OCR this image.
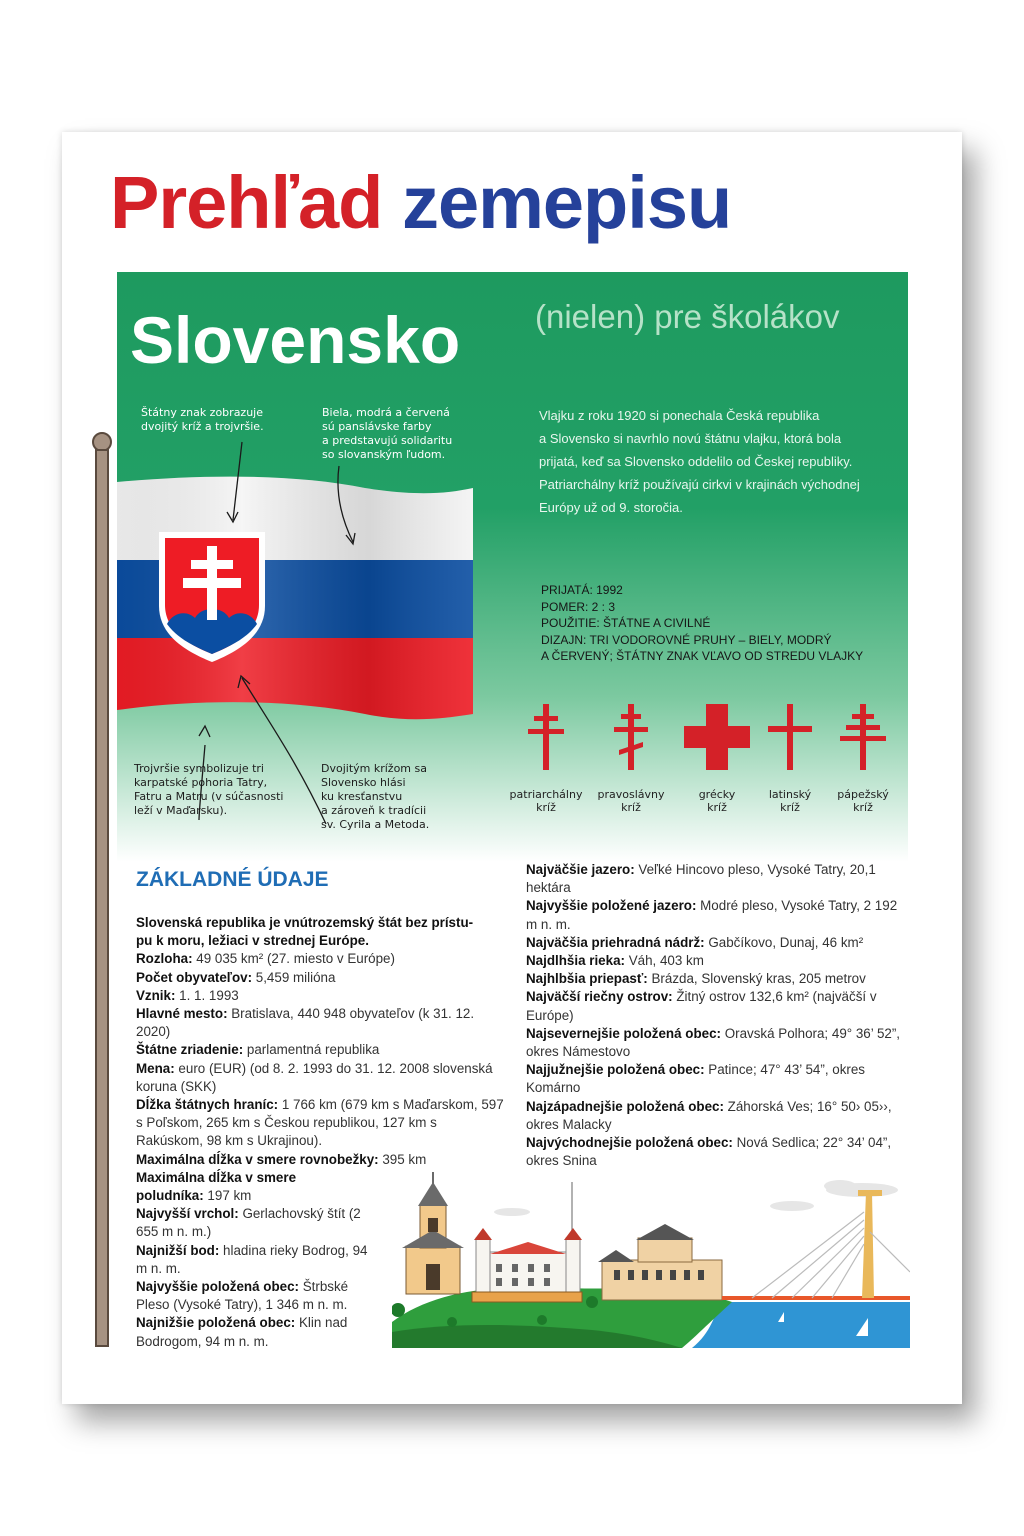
Prehľad zemepisu
Slovensko (nielen) pre školákov
Štátny znak zobrazuje
dvojitý kríž a trojvršie.
Biela, modrá a červená
sú panslávske farby
a predstavujú solidaritu
so slovanským ľudom.
Trojvršie symbolizuje tri
karpatské pohoria Tatry,
Fatru a Matru (v súčasnosti
leží v Maďarsku).
Dvojitým krížom sa
Slovensko hlási
ku kresťanstvu
a zároveň k tradícii
sv. Cyrila a Metoda.
Vlajku z roku 1920 si ponechala Česká republika
a Slovensko si navrhlo novú štátnu vlajku, ktorá bola
prijatá, keď sa Slovensko oddelilo od Českej republiky.
Patriarchálny kríž používajú cirkvi v krajinách východnej
Európy už od 9. storočia.
PRIJATÁ: 1992
POMER: 2 : 3
POUŽITIE: ŠTÁTNE A CIVILNÉ
DIZAJN: TRI VODOROVNÉ PRUHY – BIELY, MODRÝ
A ČERVENÝ; ŠTÁTNY ZNAK VĽAVO OD STREDU VLAJKY
patriarchálny
kríž
pravoslávny
kríž
grécky
kríž
latinský
kríž
pápežský
kríž
ZÁKLADNÉ ÚDAJE
Slovenská republika je vnútrozemský štát bez prístu-
pu k moru, ležiaci v strednej Európe.
Rozloha: 49 035 km² (27. miesto v Európe)
Počet obyvateľov: 5,459 milióna
Vznik: 1. 1. 1993
Hlavné mesto: Bratislava, 440 948 obyvateľov (k 31. 12. 2020)
Štátne zriadenie: parlamentná republika
Mena: euro (EUR) (od 8. 2. 1993 do 31. 12. 2008 slovenská koruna (SKK)
Dĺžka štátnych hraníc: 1 766 km (679 km s Maďarskom, 597 s Poľskom, 265 km s Českou republikou, 127 km s Rakúskom, 98 km s Ukrajinou).
Maximálna dĺžka v smere rovnobežky: 395 km
Maximálna dĺžka v smere poludníka: 197 km
Najvyšší vrchol: Gerlachovský štít (2 655 m n. m.)
Najnižší bod: hladina rieky Bodrog, 94 m n. m.
Najvyššie položená obec: Štrbské Pleso (Vysoké Tatry), 1 346 m n. m.
Najnižšie položená obec: Klin nad Bodrogom, 94 m n. m.
Najväčšie jazero: Veľké Hincovo pleso, Vysoké Tatry, 20,1 hektára
Najvyššie položené jazero: Modré pleso, Vysoké Tatry, 2 192 m n. m.
Najväčšia priehradná nádrž: Gabčíkovo, Dunaj, 46 km²
Najdlhšia rieka: Váh, 403 km
Najhlbšia priepasť: Brázda, Slovenský kras, 205 metrov
Najväčší riečny ostrov: Žitný ostrov 132,6 km² (najväčší v Európe)
Najsevernejšie položená obec: Oravská Polhora; 49° 36’ 52”, okres Námestovo
Najjužnejšie položená obec: Patince; 47° 43’ 54”, okres Komárno
Najzápadnejšie položená obec: Záhorská Ves; 16° 50› 05››, okres Malacky
Najvýchodnejšie položená obec: Nová Sedlica; 22° 34’ 04”, okres Snina
